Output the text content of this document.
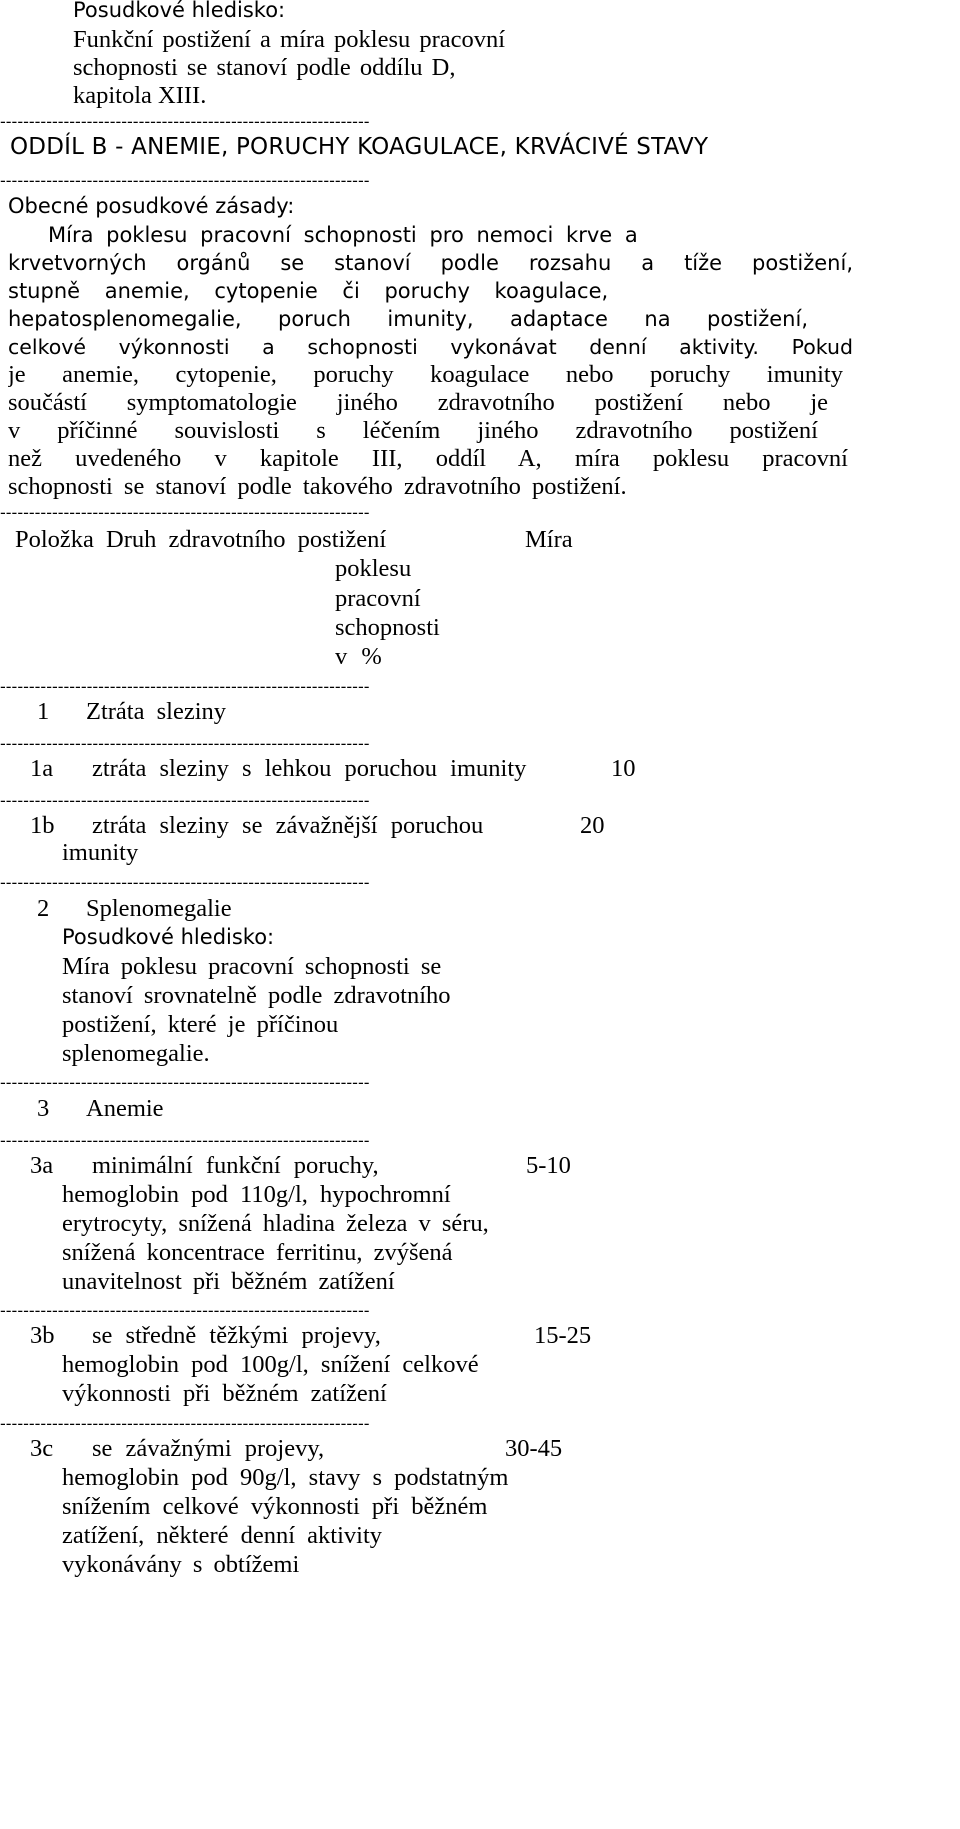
Posudkové hledisko:
Funkční postižení a míra poklesu pracovní
schopnosti se stanoví podle oddílu D,
kapitola XIII.
----------------------------------------------------------------
ODDÍL B - ANEMIE, PORUCHY KOAGULACE, KRVÁCIVÉ STAVY
----------------------------------------------------------------
Obecné posudkové zásady:
Míra poklesu pracovní schopnosti pro nemoci krve a
krvetvorných orgánů se stanoví podle rozsahu a tíže postižení,
stupně anemie, cytopenie či poruchy koagulace,
hepatosplenomegalie, poruch imunity, adaptace na postižení,
celkové výkonnosti a schopnosti vykonávat denní aktivity. Pokud
je anemie, cytopenie, poruchy koagulace nebo poruchy imunity
součástí symptomatologie jiného zdravotního postižení nebo je
v příčinné souvislosti s léčením jiného zdravotního postižení
než uvedeného v kapitole III, oddíl A, míra poklesu pracovní
schopnosti se stanoví podle takového zdravotního postižení.
----------------------------------------------------------------
Položka Druh zdravotního postižení	Míra
poklesu
pracovní
schopnosti
v %
----------------------------------------------------------------
1 Ztráta sleziny
----------------------------------------------------------------
1a ztráta sleziny s lehkou poruchou imunity	10
----------------------------------------------------------------
1b ztráta sleziny se závažnější poruchou	20
imunity
----------------------------------------------------------------
2 Splenomegalie
Posudkové hledisko:
Míra poklesu pracovní schopnosti se
stanoví srovnatelně podle zdravotního
postižení, které je příčinou
splenomegalie.
----------------------------------------------------------------
3 Anemie
----------------------------------------------------------------
3a minimální funkční poruchy,	5-10
hemoglobin pod 110g/l, hypochromní
erytrocyty, snížená hladina železa v séru,
snížená koncentrace ferritinu, zvýšená
unavitelnost při běžném zatížení
----------------------------------------------------------------
3b se středně těžkými projevy,	15-25
hemoglobin pod 100g/l, snížení celkové
výkonnosti při běžném zatížení
----------------------------------------------------------------
3c se závažnými projevy,	30-45
hemoglobin pod 90g/l, stavy s podstatným
snížením celkové výkonnosti při běžném
zatížení, některé denní aktivity
vykonávány s obtížemi
